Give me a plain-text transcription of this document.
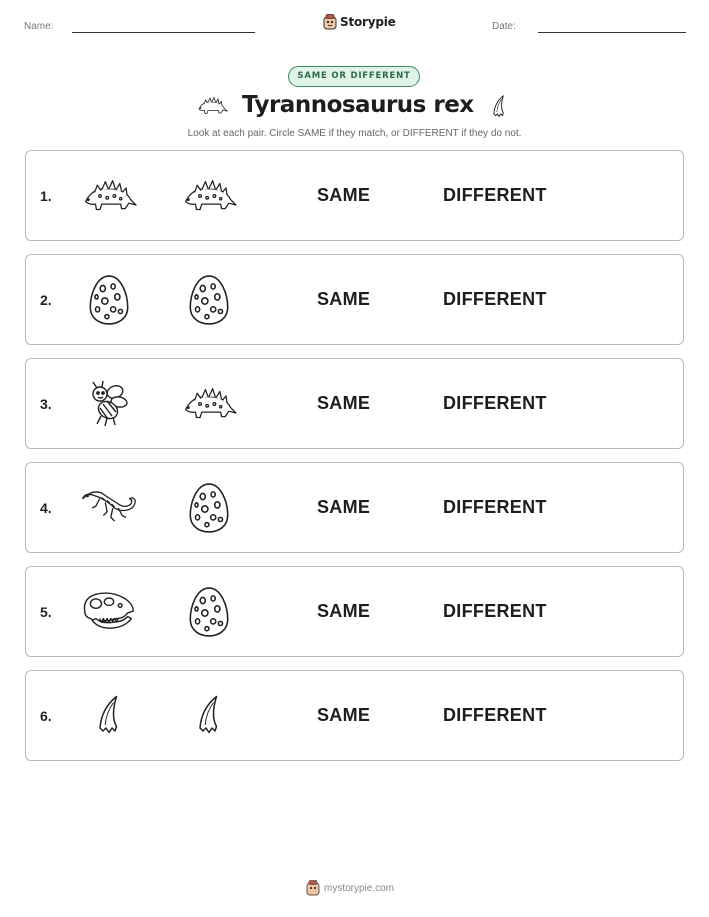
Name:	Storypie	Date:
SAME OR DIFFERENT
Tyrannosaurus rex
Look at each pair. Circle SAME if they match, or DIFFERENT if they do not.
1.	SAME	DIFFERENT
2.	SAME	DIFFERENT
3.	SAME	DIFFERENT
4.	SAME	DIFFERENT
5.	SAME	DIFFERENT
6.	SAME	DIFFERENT
mystorypie.com
